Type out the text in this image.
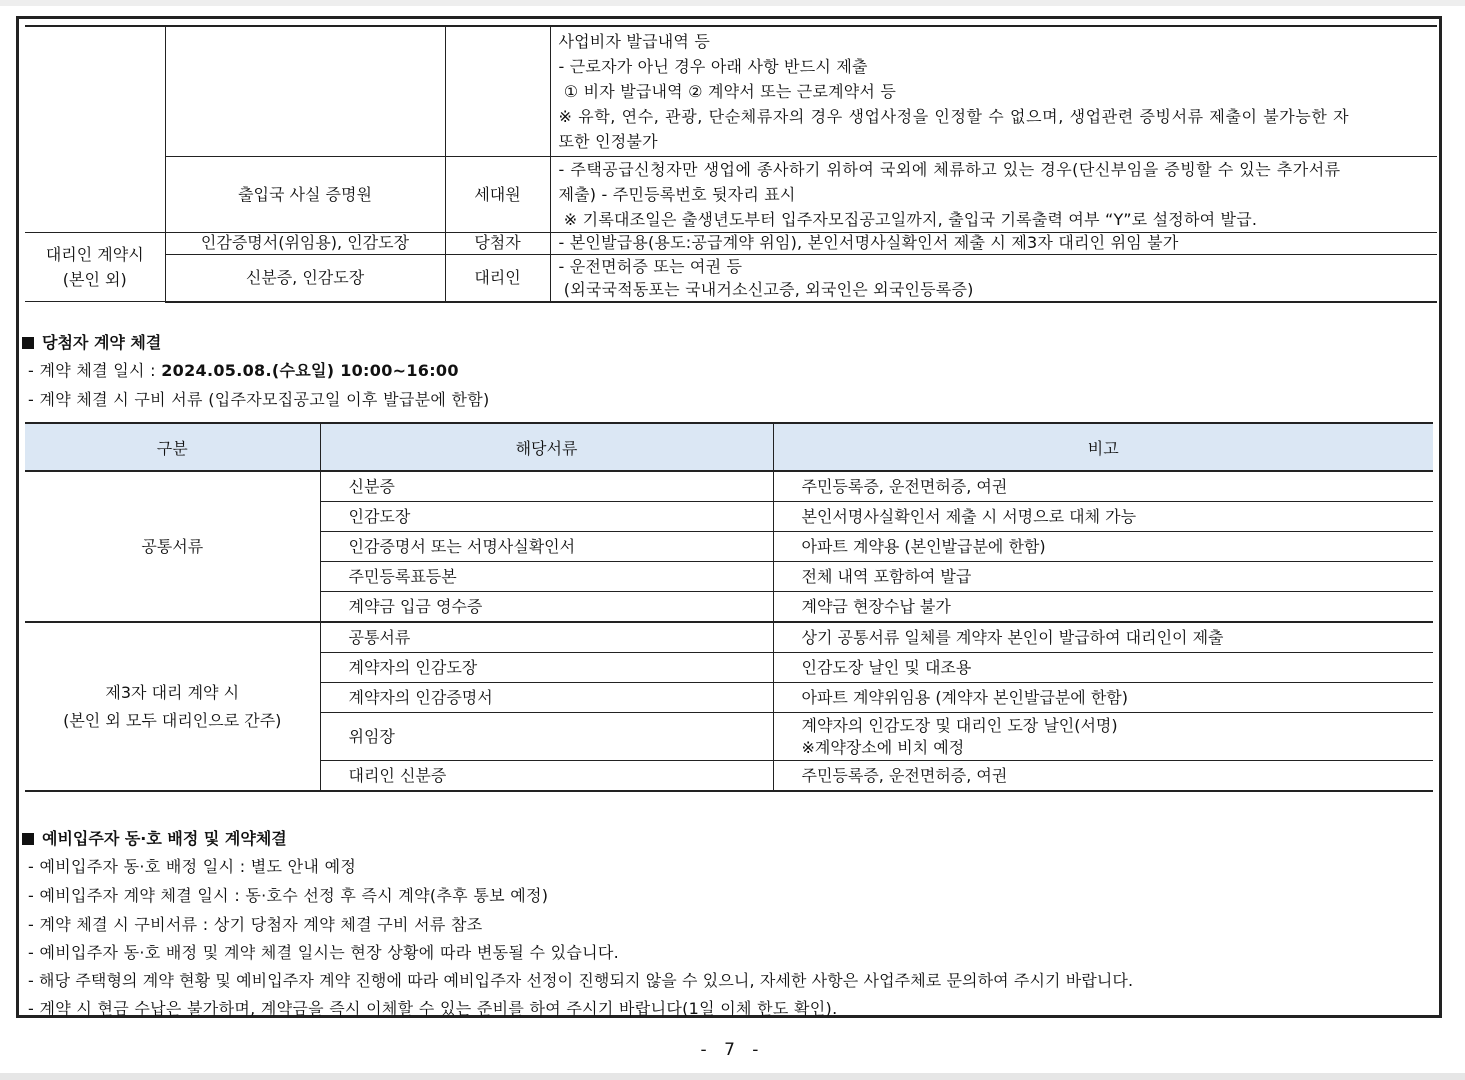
			사업비자 발급내역 등
- 근로자가 아닌 경우 아래 사항 반드시 제출
① 비자 발급내역 ② 계약서 또는 근로계약서 등
※ 유학, 연수, 관광, 단순체류자의 경우 생업사정을 인정할 수 없으며, 생업관련 증빙서류 제출이 불가능한 자
또한 인정불가

	출입국 사실 증명원	세대원	- 주택공급신청자만 생업에 종사하기 위하여 국외에 체류하고 있는 경우(단신부임을 증빙할 수 있는 추가서류
제출) - 주민등록번호 뒷자리 표시
※ 기록대조일은 출생년도부터 입주자모집공고일까지, 출입국 기록출력 여부 “Y”로 설정하여 발급.

대리인 계약시
(본인 외)	인감증명서(위임용), 인감도장	당첨자	- 본인발급용(용도:공급계약 위임), 본인서명사실확인서 제출 시 제3자 대리인 위임 불가
	신분증, 인감도장	대리인	- 운전면허증 또는 여권 등
(외국국적동포는 국내거소신고증, 외국인은 외국인등록증)
당첨자 계약 체결
- 계약 체결 일시 : 2024.05.08.(수요일) 10:00~16:00
- 계약 체결 시 구비 서류 (입주자모집공고일 이후 발급분에 한함)
구분	해당서류	비고
공통서류	신분증	주민등록증, 운전면허증, 여권
	인감도장	본인서명사실확인서 제출 시 서명으로 대체 가능
	인감증명서 또는 서명사실확인서	아파트 계약용 (본인발급분에 한함)
	주민등록표등본	전체 내역 포함하여 발급
	계약금 입금 영수증	계약금 현장수납 불가

제3자 대리 계약 시
(본인 외 모두 대리인으로 간주)	공통서류	상기 공통서류 일체를 계약자 본인이 발급하여 대리인이 제출
	계약자의 인감도장	인감도장 날인 및 대조용
	계약자의 인감증명서	아파트 계약위임용 (계약자 본인발급분에 한함)
	위임장	계약자의 인감도장 및 대리인 도장 날인(서명)
※계약장소에 비치 예정

	대리인 신분증	주민등록증, 운전면허증, 여권
예비입주자 동·호 배정 및 계약체결
- 예비입주자 동·호 배정 일시 : 별도 안내 예정
- 예비입주자 계약 체결 일시 : 동·호수 선정 후 즉시 계약(추후 통보 예정)
- 계약 체결 시 구비서류 : 상기 당첨자 계약 체결 구비 서류 참조
- 예비입주자 동·호 배정 및 계약 체결 일시는 현장 상황에 따라 변동될 수 있습니다.
- 해당 주택형의 계약 현황 및 예비입주자 계약 진행에 따라 예비입주자 선정이 진행되지 않을 수 있으니, 자세한 사항은 사업주체로 문의하여 주시기 바랍니다.
- 계약 시 현금 수납은 불가하며, 계약금을 즉시 이체할 수 있는 준비를 하여 주시기 바랍니다(1일 이체 한도 확인).
- 7 -
